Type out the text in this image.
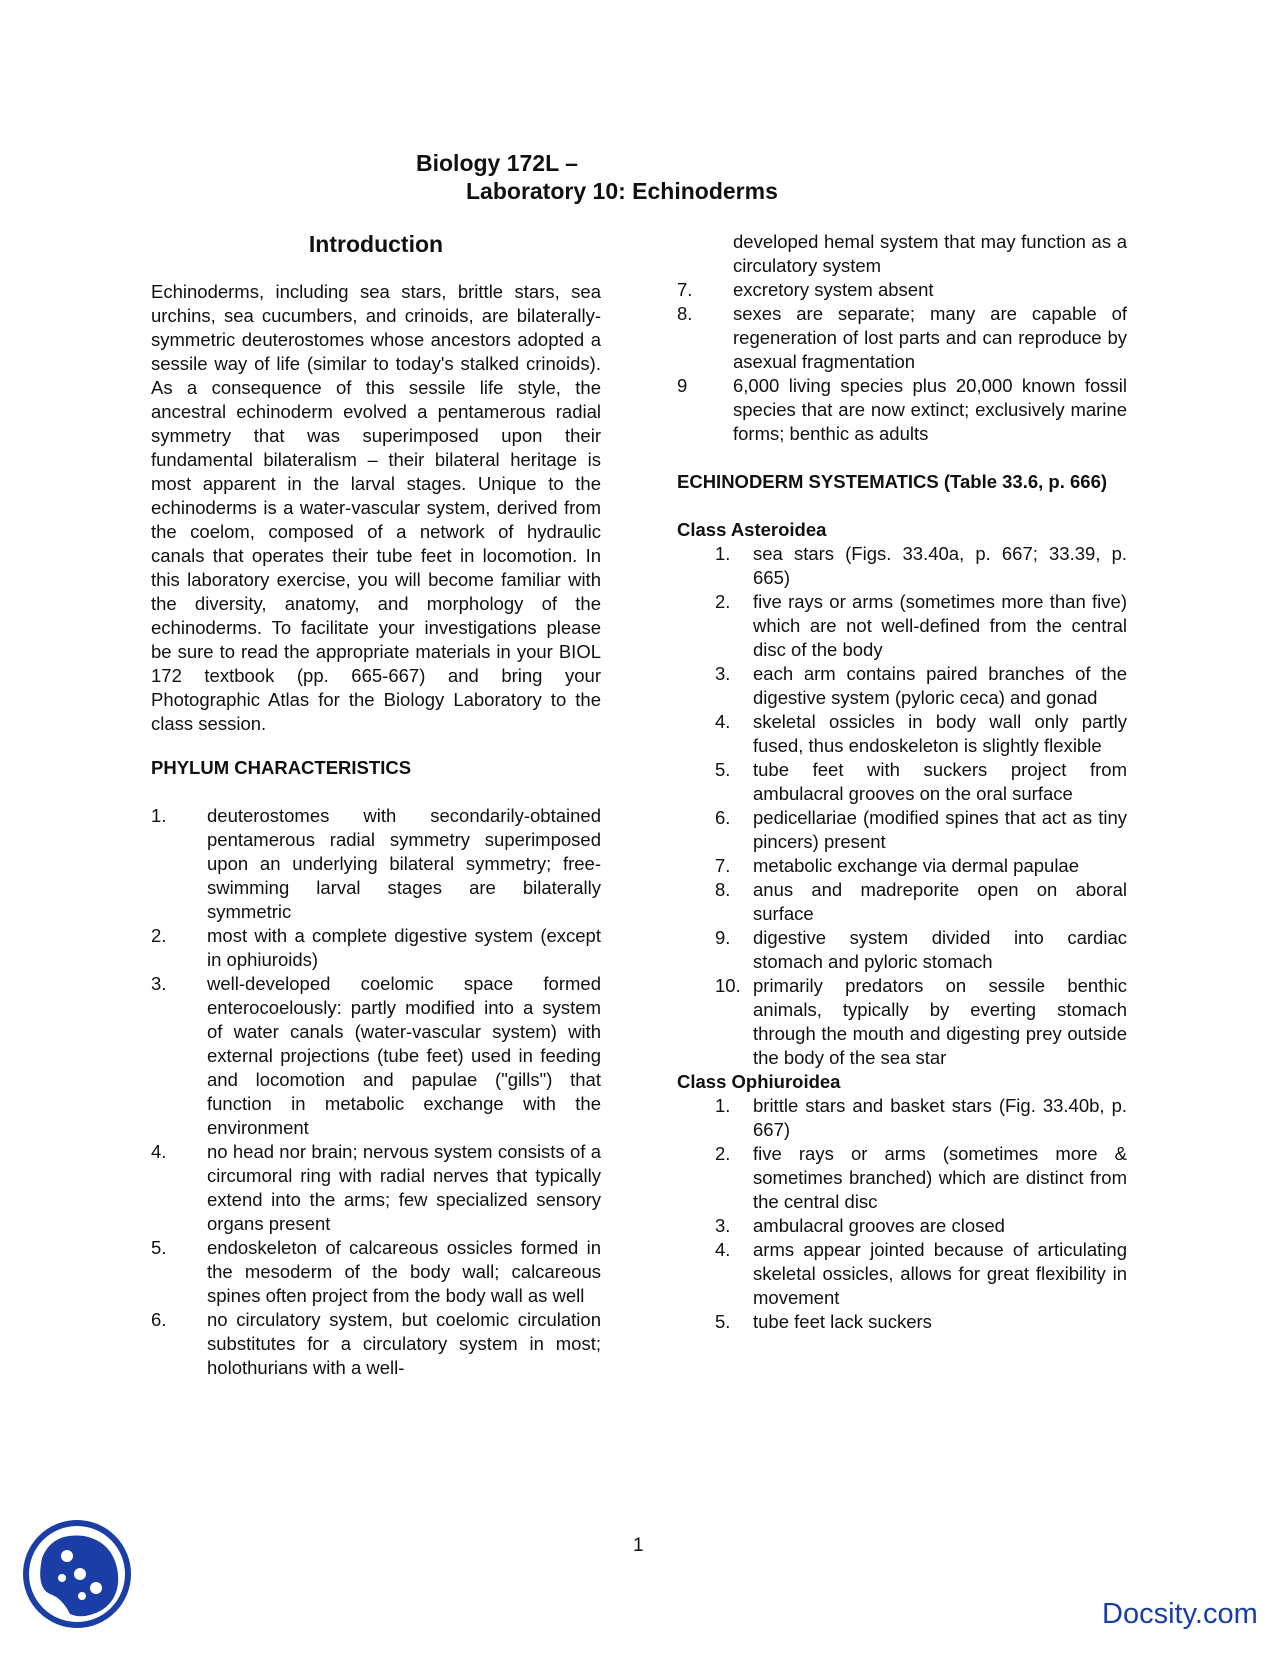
Biology 172L –
Laboratory 10: Echinoderms
Introduction

Echinoderms, including sea stars, brittle stars, sea urchins, sea cucumbers, and crinoids, are bilaterally-symmetric deuterostomes whose ancestors adopted a sessile way of life (similar to today's stalked crinoids). As a consequence of this sessile life style, the ancestral echinoderm evolved a pentamerous radial symmetry that was superimposed upon their fundamental bilateralism – their bilateral heritage is most apparent in the larval stages. Unique to the echinoderms is a water-vascular system, derived from the coelom, composed of a network of hydraulic canals that operates their tube feet in locomotion. In this laboratory exercise, you will become familiar with the diversity, anatomy, and morphology of the echinoderms. To facilitate your investigations please be sure to read the appropriate materials in your BIOL 172 textbook (pp. 665-667) and bring your Photographic Atlas for the Biology Laboratory to the class session.

PHYLUM CHARACTERISTICS
1.	deuterostomes with secondarily-obtained pentamerous radial symmetry superimposed upon an underlying bilateral symmetry; free-swimming larval stages are bilaterally symmetric
2.	most with a complete digestive system (except in ophiuroids)
3.	well-developed coelomic space formed enterocoelously: partly modified into a system of water canals (water-vascular system) with external projections (tube feet) used in feeding and locomotion and papulae ("gills") that function in metabolic exchange with the environment
4.	no head nor brain; nervous system consists of a circumoral ring with radial nerves that typically extend into the arms; few specialized sensory organs present
5.	endoskeleton of calcareous ossicles formed in the mesoderm of the body wall; calcareous spines often project from the body wall as well
6.	no circulatory system, but coelomic circulation substitutes for a circulatory system in most; holothurians with a well-

developed hemal system that may function as a circulatory system

7.	excretory system absent
8.	sexes are separate; many are capable of regeneration of lost parts and can reproduce by asexual fragmentation
9	6,000 living species plus 20,000 known fossil species that are now extinct; exclusively marine forms; benthic as adults
ECHINODERM SYSTEMATICS (Table 33.6, p. 666)
Class Asteroidea
1.	sea stars (Figs. 33.40a, p. 667; 33.39, p. 665)
2.	five rays or arms (sometimes more than five) which are not well-defined from the central disc of the body
3.	each arm contains paired branches of the digestive system (pyloric ceca) and gonad
4.	skeletal ossicles in body wall only partly fused, thus endoskeleton is slightly flexible
5.	tube feet with suckers project from ambulacral grooves on the oral surface
6.	pedicellariae (modified spines that act as tiny pincers) present
7.	metabolic exchange via dermal papulae
8.	anus and madreporite open on aboral surface
9.	digestive system divided into cardiac stomach and pyloric stomach
10. primarily predators on sessile benthic animals, typically by everting stomach through the mouth and digesting prey outside the body of the sea star
Class Ophiuroidea
1.	brittle stars and basket stars (Fig. 33.40b, p. 667)
2.	five rays or arms (sometimes more & sometimes branched) which are distinct from the central disc
3.	ambulacral grooves are closed
4.	arms appear jointed because of articulating skeletal ossicles, allows for great flexibility in movement
5.	tube feet lack suckers
1
Docsity.com
